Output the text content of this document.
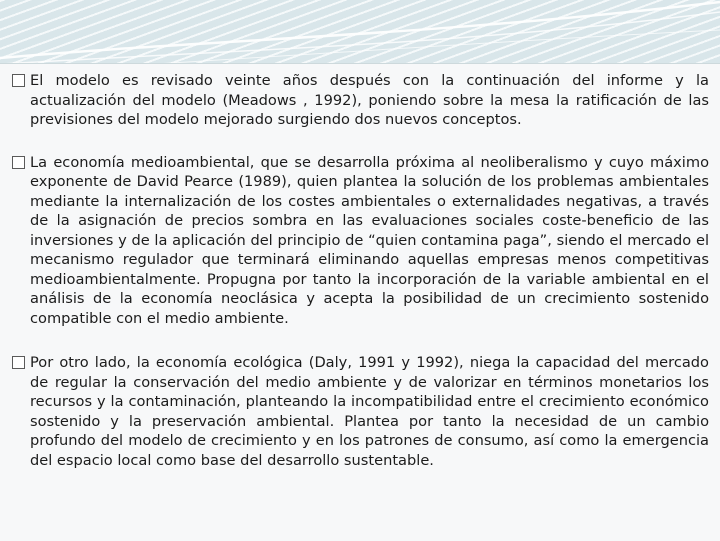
El modelo es revisado veinte años después con la continuación del informe y la actualización del modelo (Meadows , 1992), poniendo sobre la mesa la ratificación de las previsiones del modelo mejorado surgiendo dos nuevos conceptos.
La economía medioambiental, que se desarrolla próxima al neoliberalismo y cuyo máximo exponente de David Pearce (1989), quien plantea la solución de los problemas ambientales mediante la internalización de los costes ambientales o externalidades negativas, a través de la asignación de precios sombra en las evaluaciones sociales coste-beneficio de las inversiones y de la aplicación del principio de “quien contamina paga”, siendo el mercado el mecanismo regulador que terminará eliminando aquellas empresas menos competitivas medioambientalmente. Propugna por tanto la incorporación de la variable ambiental en el análisis de la economía neoclásica y acepta la posibilidad de un crecimiento sostenido compatible con el medio ambiente.
Por otro lado, la economía ecológica (Daly, 1991 y 1992), niega la capacidad del mercado de regular la conservación del medio ambiente y de valorizar en términos monetarios los recursos y la contaminación, planteando la incompatibilidad entre el crecimiento económico sostenido y la preservación ambiental. Plantea por tanto la necesidad de un cambio profundo del modelo de crecimiento y en los patrones de consumo, así como la emergencia del espacio local como base del desarrollo sustentable.
